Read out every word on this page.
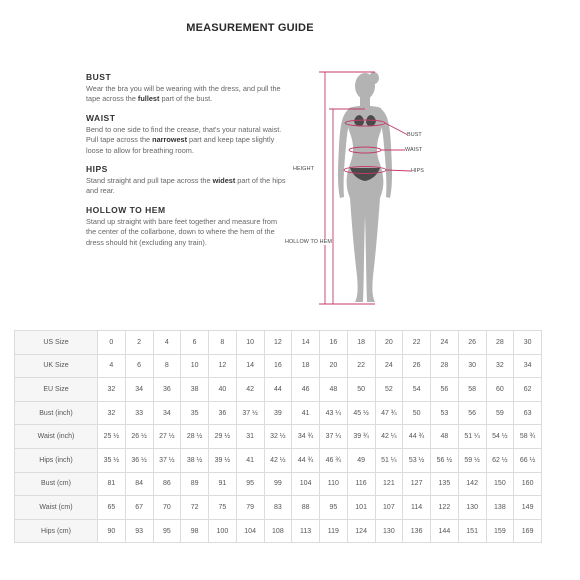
MEASUREMENT GUIDE
BUST
Wear the bra you will be wearing with the dress, and pull the tape across the fullest part of the bust.
WAIST
Bend to one side to find the crease, that's your natural waist. Pull tape across the narrowest part and keep tape slightly loose to allow for breathing room.
HIPS
Stand straight and pull tape across the widest part of the hips and rear.
HOLLOW TO HEM
Stand up straight with bare feet together and measure from the center of the collarbone, down to where the hem of the dress should hit (excluding any train).
BUST
WAIST
HIPS
HEIGHT
HOLLOW TO HEM
US Size	0	2	4	6	8	10	12	14	16	18	20	22	24	26	28	30
UK Size	4	6	8	10	12	14	16	18	20	22	24	26	28	30	32	34
EU Size	32	34	36	38	40	42	44	46	48	50	52	54	56	58	60	62
Bust (inch)	32	33	34	35	36	37 ½	39	41	43 ¼	45 ½	47 ¾	50	53	56	59	63
Waist (inch)	25 ½	26 ½	27 ½	28 ½	29 ½	31	32 ½	34 ¾	37 ¼	39 ¾	42 ¼	44 ¾	48	51 ¼	54 ½	58 ¾
Hips (inch)	35 ½	36 ½	37 ½	38 ½	39 ½	41	42 ½	44 ¾	46 ¾	49	51 ¼	53 ½	56 ½	59 ½	62 ½	66 ½
Bust (cm)	81	84	86	89	91	95	99	104	110	116	121	127	135	142	150	160
Waist (cm)	65	67	70	72	75	79	83	88	95	101	107	114	122	130	138	149
Hips (cm)	90	93	95	98	100	104	108	113	119	124	130	136	144	151	159	169
